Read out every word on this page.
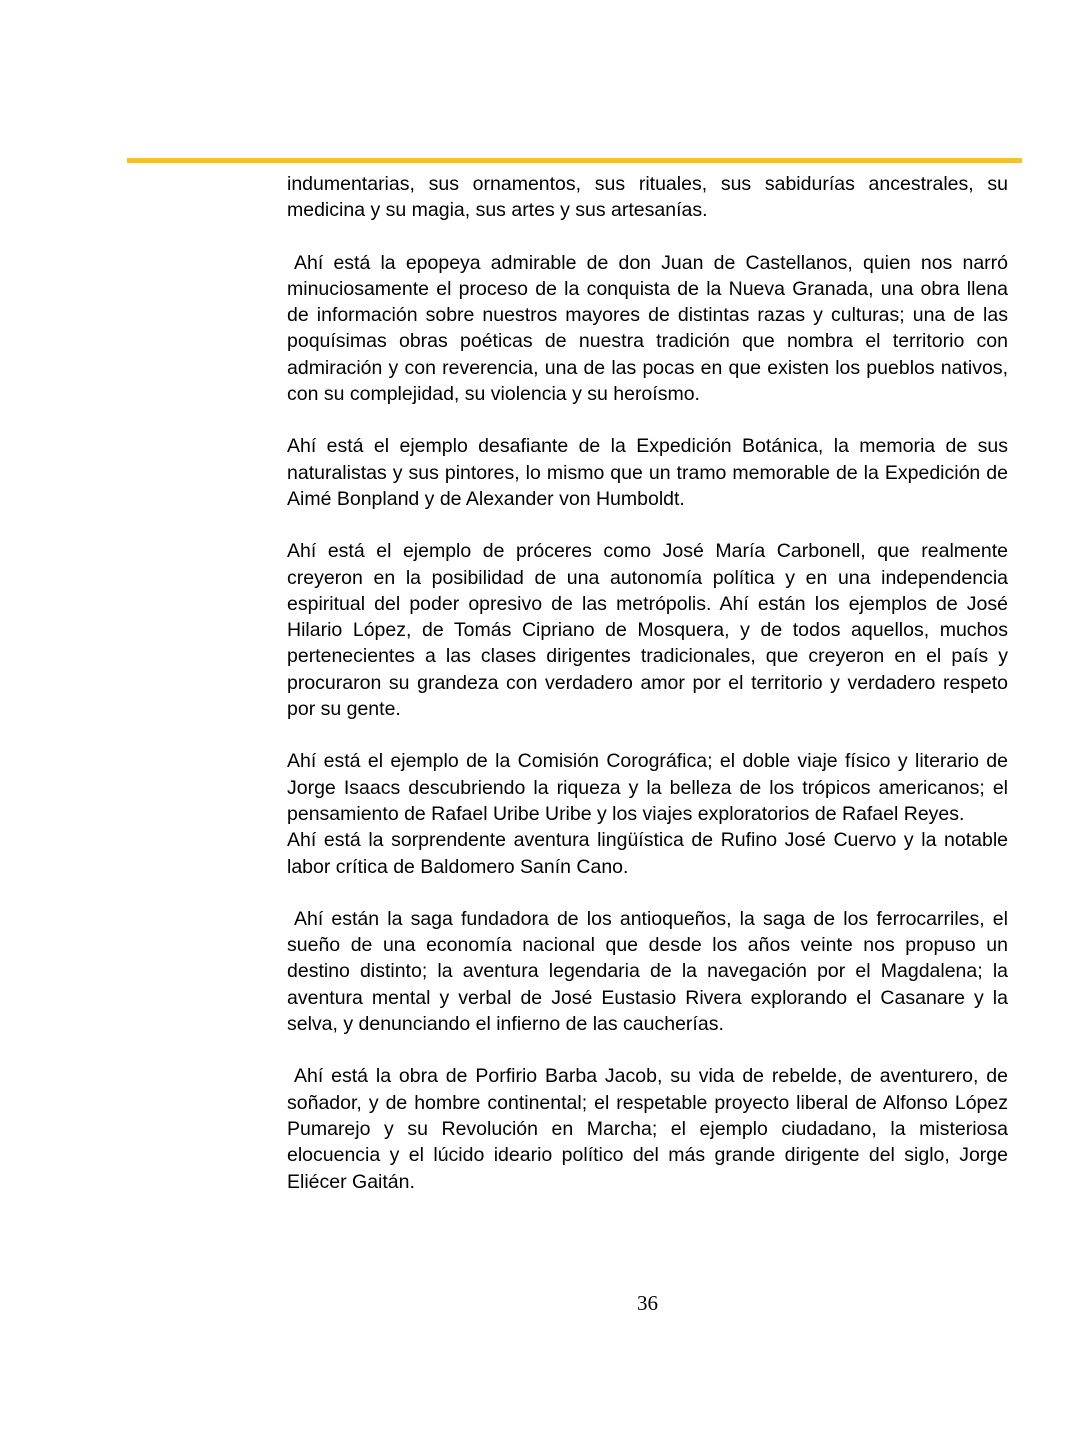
indumentarias, sus ornamentos, sus rituales, sus sabidurías ancestrales, su medicina y su magia, sus artes y sus artesanías.

Ahí está la epopeya admirable de don Juan de Castellanos, quien nos narró minuciosamente el proceso de la conquista de la Nueva Granada, una obra llena de información sobre nuestros mayores de distintas razas y culturas; una de las poquísimas obras poéticas de nuestra tradición que nombra el territorio con admiración y con reverencia, una de las pocas en que existen los pueblos nativos, con su complejidad, su violencia y su heroísmo.

Ahí está el ejemplo desafiante de la Expedición Botánica, la memoria de sus naturalistas y sus pintores, lo mismo que un tramo memorable de la Expedición de Aimé Bonpland y de Alexander von Humboldt.

Ahí está el ejemplo de próceres como José María Carbonell, que realmente creyeron en la posibilidad de una autonomía política y en una independencia espiritual del poder opresivo de las metrópolis. Ahí están los ejemplos de José Hilario López, de Tomás Cipriano de Mosquera, y de todos aquellos, muchos pertenecientes a las clases dirigentes tradicionales, que creyeron en el país y procuraron su grandeza con verdadero amor por el territorio y verdadero respeto por su gente.

Ahí está el ejemplo de la Comisión Corográfica; el doble viaje físico y literario de Jorge Isaacs descubriendo la riqueza y la belleza de los trópicos americanos; el pensamiento de Rafael Uribe Uribe y los viajes exploratorios de Rafael Reyes.

Ahí está la sorprendente aventura lingüística de Rufino José Cuervo y la notable labor crítica de Baldomero Sanín Cano.

Ahí están la saga fundadora de los antioqueños, la saga de los ferrocarriles, el sueño de una economía nacional que desde los años veinte nos propuso un destino distinto; la aventura legendaria de la navegación por el Magdalena; la aventura mental y verbal de José Eustasio Rivera explorando el Casanare y la selva, y denunciando el infierno de las caucherías.

Ahí está la obra de Porfirio Barba Jacob, su vida de rebelde, de aventurero, de soñador, y de hombre continental; el respetable proyecto liberal de Alfonso López Pumarejo y su Revolución en Marcha; el ejemplo ciudadano, la misteriosa elocuencia y el lúcido ideario político del más grande dirigente del siglo, Jorge Eliécer Gaitán.

36
